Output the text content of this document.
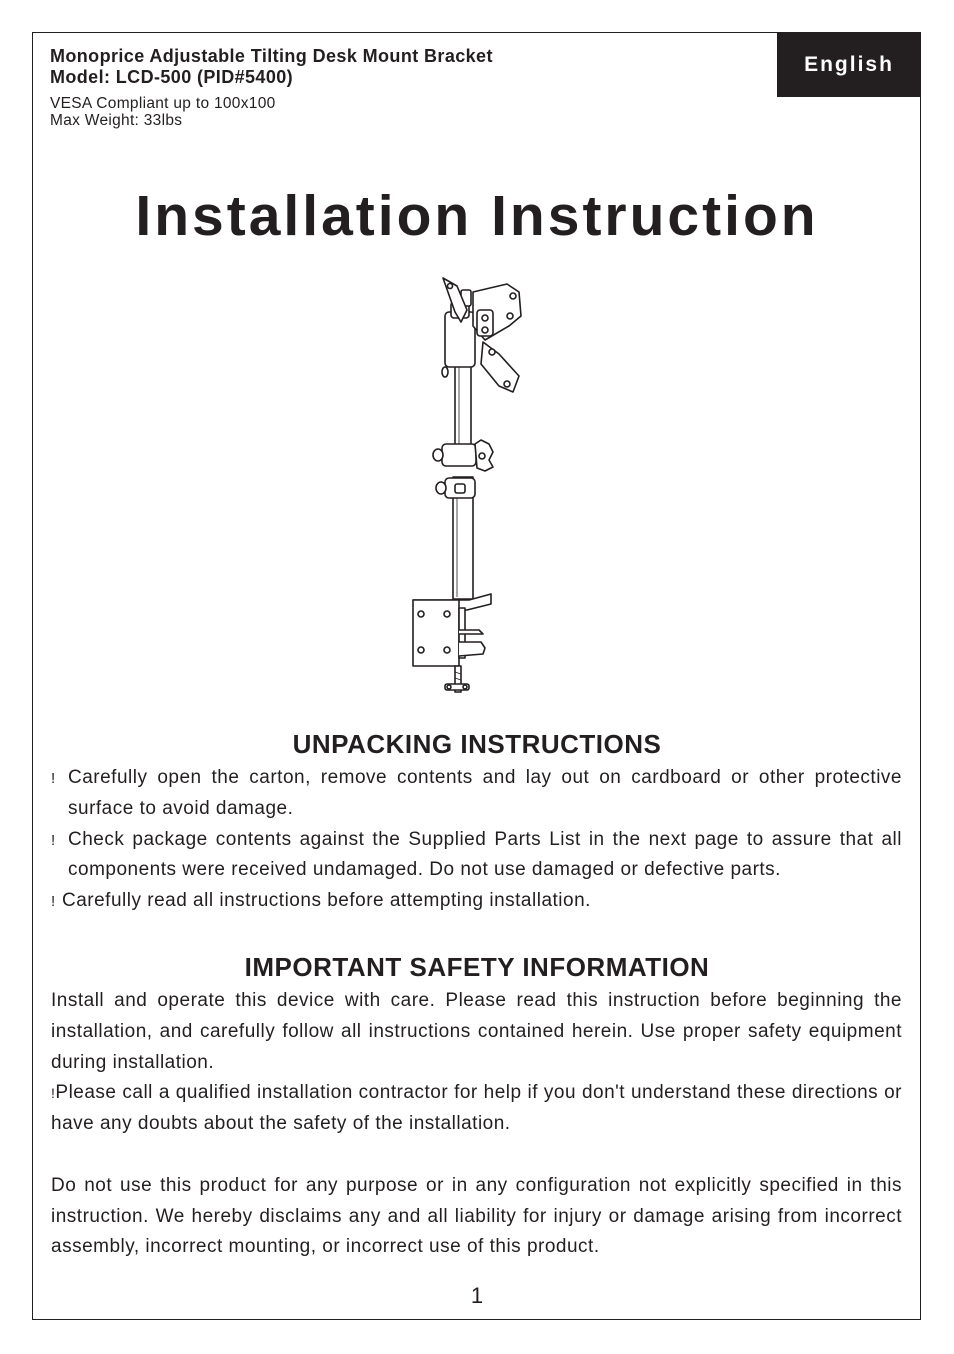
Monoprice Adjustable Tilting Desk Mount Bracket
Model: LCD-500 (PID#5400)
VESA Compliant up to 100x100
Max Weight: 33lbs
English
Installation Instruction
UNPACKING INSTRUCTIONS
! Carefully open the carton, remove contents and lay out on cardboard or other protective surface to avoid damage.
! Check package contents against the Supplied Parts List in the next page to assure that all components were received undamaged. Do not use damaged or defective parts.
! Carefully read all instructions before attempting installation.
IMPORTANT SAFETY INFORMATION

Install and operate this device with care. Please read this instruction before beginning the installation, and carefully follow all instructions contained herein. Use proper safety equipment during installation.

!Please call a qualified installation contractor for help if you don't understand these directions or have any doubts about the safety of the installation.

Do not use this product for any purpose or in any configuration not explicitly specified in this instruction. We hereby disclaims any and all liability for injury or damage arising from incorrect assembly, incorrect mounting, or incorrect use of this product.

1
